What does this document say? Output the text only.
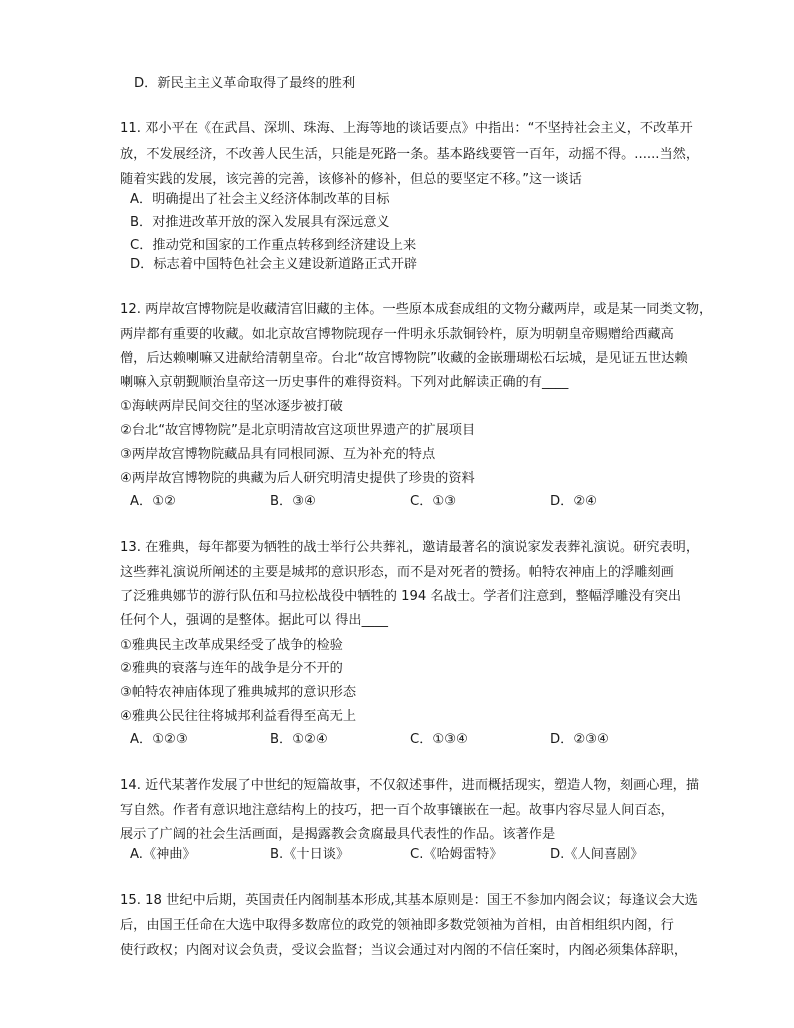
D．新民主主义革命取得了最终的胜利
11. 邓小平在《在武昌、深圳、珠海、上海等地的谈话要点》中指出：“不坚持社会主义，不改革开
放，不发展经济，不改善人民生活，只能是死路一条。基本路线要管一百年，动摇不得。......当然，
随着实践的发展，该完善的完善，该修补的修补，但总的要坚定不移。”这一谈话
A．明确提出了社会主义经济体制改革的目标
B．对推进改革开放的深入发展具有深远意义
C．推动党和国家的工作重点转移到经济建设上来
D．标志着中国特色社会主义建设新道路正式开辟
12. 两岸故宫博物院是收藏清宫旧藏的主体。一些原本成套成组的文物分藏两岸，或是某一同类文物，
两岸都有重要的收藏。如北京故宫博物院现存一件明永乐款铜铃杵，原为明朝皇帝赐赠给西藏高
僧，后达赖喇嘛又进献给清朝皇帝。台北“故宫博物院”收藏的金嵌珊瑚松石坛城，是见证五世达赖
喇嘛入京朝觐顺治皇帝这一历史事件的难得资料。下列对此解读正确的有____
①海峡两岸民间交往的坚冰逐步被打破
②台北“故宫博物院”是北京明清故宫这项世界遗产的扩展项目
③两岸故宫博物院藏品具有同根同源、互为补充的特点
④两岸故宫博物院的典藏为后人研究明清史提供了珍贵的资料
A．①②	B．③④	C．①③	D．②④
13. 在雅典，每年都要为牺牲的战士举行公共葬礼，邀请最著名的演说家发表葬礼演说。研究表明，
这些葬礼演说所阐述的主要是城邦的意识形态，而不是对死者的赞扬。帕特农神庙上的浮雕刻画
了泛雅典娜节的游行队伍和马拉松战役中牺牲的 194 名战士。学者们注意到，整幅浮雕没有突出
任何个人，强调的是整体。据此可以 得出____
①雅典民主改革成果经受了战争的检验
②雅典的衰落与连年的战争是分不开的
③帕特农神庙体现了雅典城邦的意识形态
④雅典公民往往将城邦利益看得至高无上
A．①②③	B．①②④	C．①③④	D．②③④
14. 近代某著作发展了中世纪的短篇故事，不仅叙述事件，进而概括现实，塑造人物，刻画心理，描
写自然。作者有意识地注意结构上的技巧，把一百个故事镶嵌在一起。故事内容尽显人间百态，
展示了广阔的社会生活画面，是揭露教会贪腐最具代表性的作品。该著作是
A.《神曲》	B.《十日谈》	C.《哈姆雷特》	D.《人间喜剧》
15. 18 世纪中后期，英国责任内阁制基本形成,其基本原则是：国王不参加内阁会议；每逢议会大选
后，由国王任命在大选中取得多数席位的政党的领袖即多数党领袖为首相，由首相组织内阁，行
使行政权；内阁对议会负责，受议会监督；当议会通过对内阁的不信任案时，内阁必须集体辞职，
